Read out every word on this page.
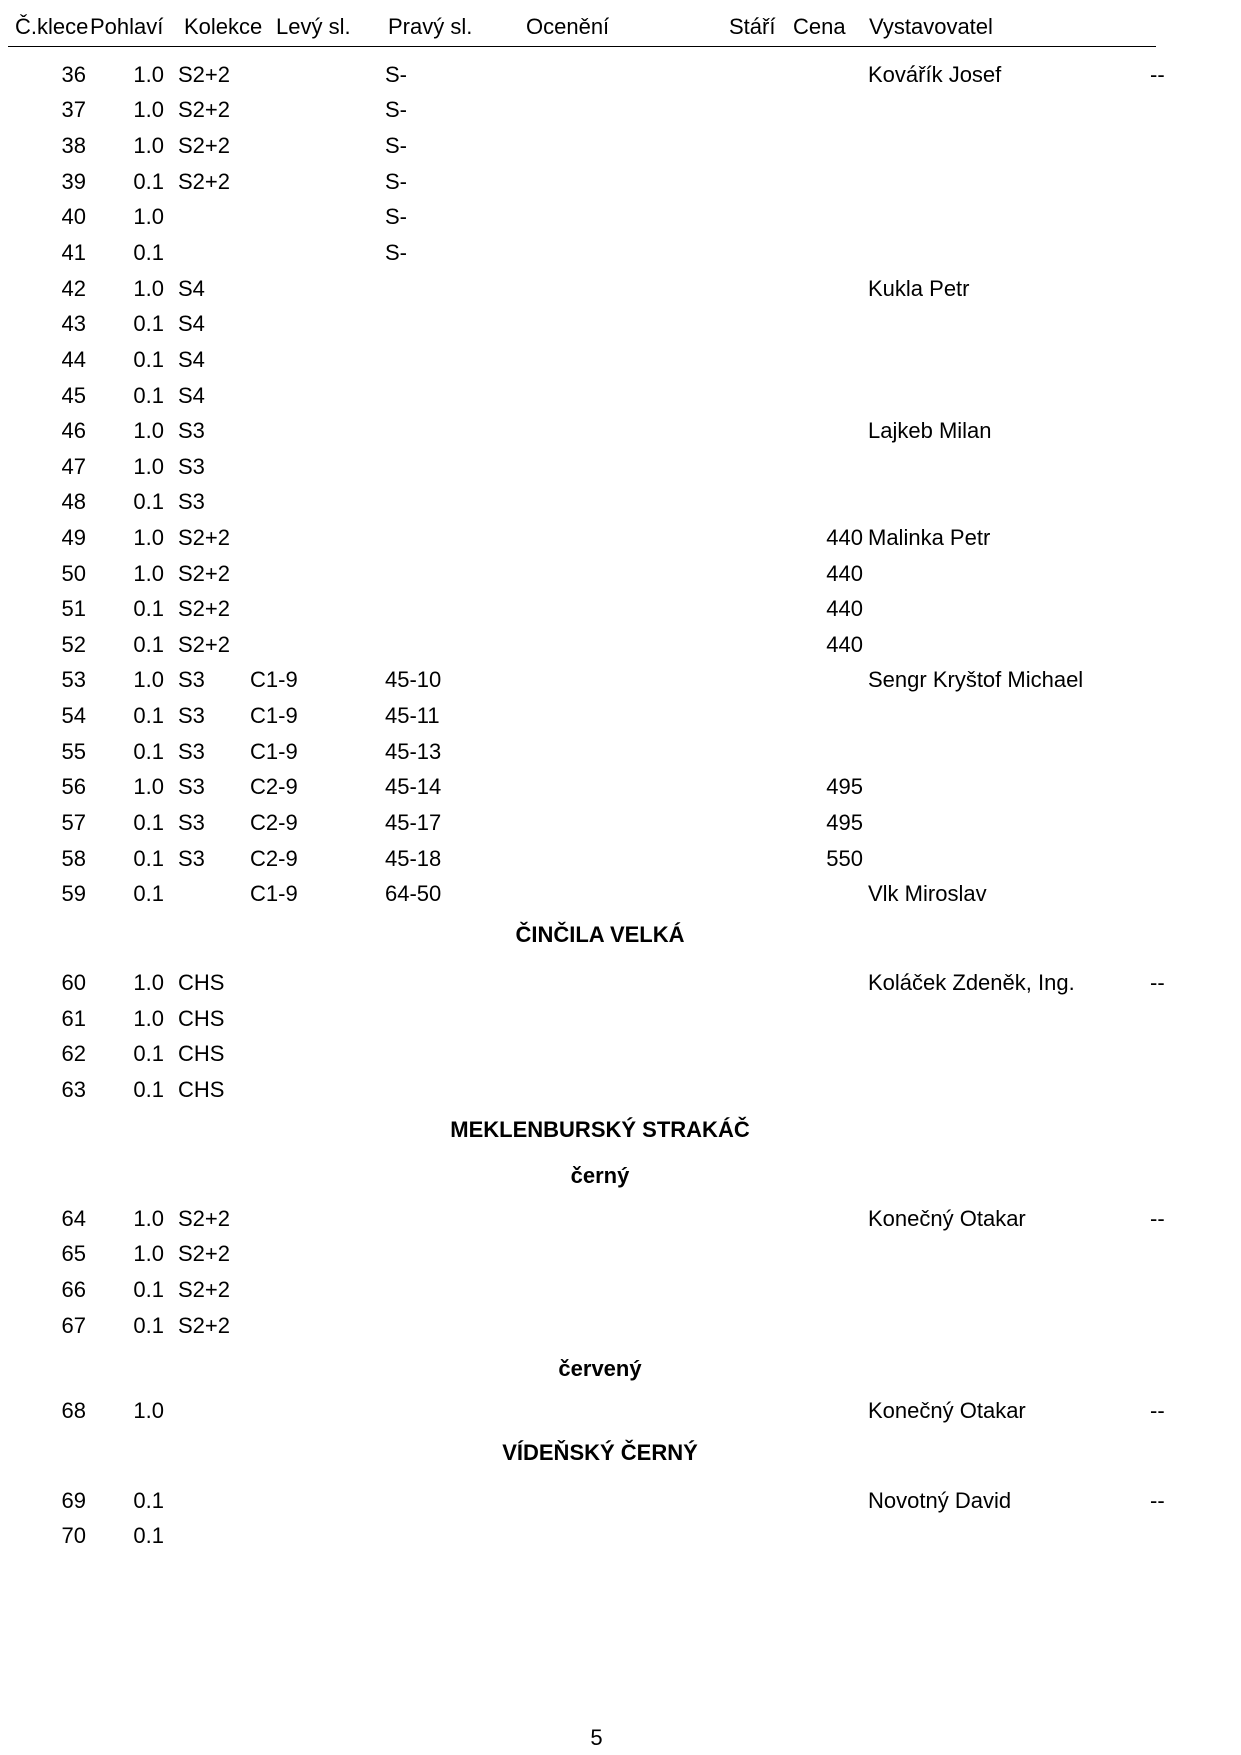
Č.klece Pohlaví Kolekce Levý sl. Pravý sl. Ocenění	Stáří Cena Vystavovatel
36 1.0 S2+2	S-	Kovářík Josef	--
37 1.0 S2+2	S-
38 1.0 S2+2	S-
39 0.1 S2+2	S-
40 1.0	S-
41 0.1	S-
42 1.0 S4	Kukla Petr
43 0.1 S4
44 0.1 S4
45 0.1 S4
46 1.0 S3	Lajkeb Milan
47 1.0 S3
48 0.1 S3
49 1.0 S2+2	440 Malinka Petr
50 1.0 S2+2	440
51 0.1 S2+2	440
52 0.1 S2+2	440
53 1.0 S3 C1-9	45-10	Sengr Kryštof Michael
54 0.1 S3 C1-9	45-11
55 0.1 S3 C1-9	45-13
56 1.0 S3 C2-9	45-14	495
57 0.1 S3 C2-9	45-17	495
58 0.1 S3 C2-9	45-18	550
59 0.1	C1-9	64-50	Vlk Miroslav
ČINČILA VELKÁ
60 1.0 CHS	Koláček Zdeněk, Ing.	--
61 1.0 CHS
62 0.1 CHS
63 0.1 CHS
MEKLENBURSKÝ STRAKÁČ
černý
64 1.0 S2+2	Konečný Otakar	--
65 1.0 S2+2
66 0.1 S2+2
67 0.1 S2+2
červený
68 1.0	Konečný Otakar	--
VÍDEŇSKÝ ČERNÝ
69 0.1	Novotný David	--
70 0.1
5
